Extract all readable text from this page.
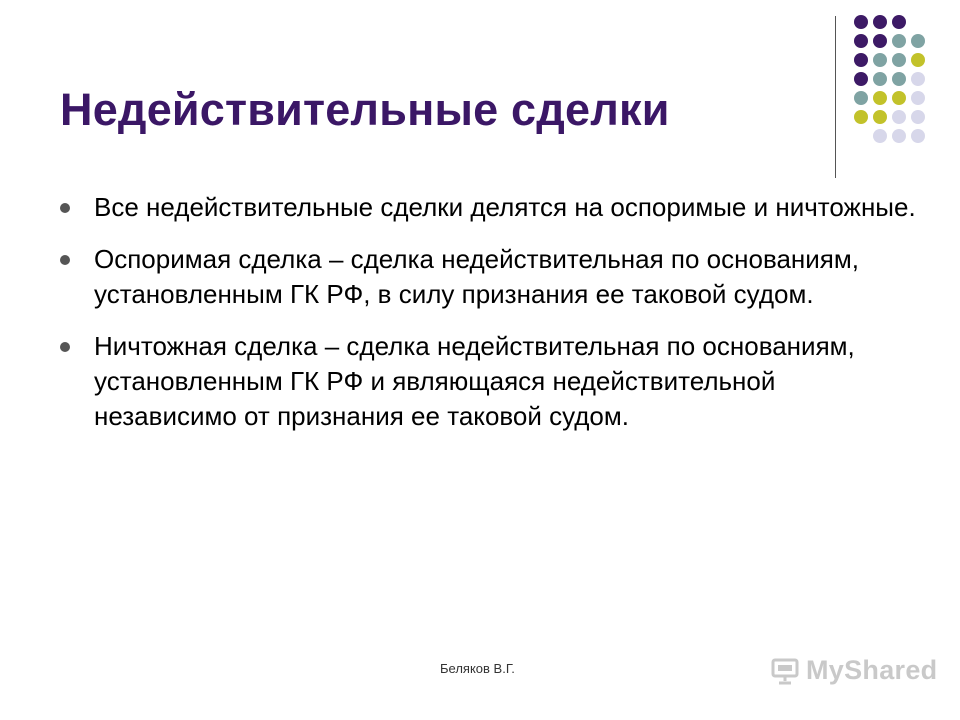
Недействительные сделки
Все недействительные сделки делятся на оспоримые и ничтожные.
Оспоримая сделка – сделка недействительная по основаниям, установленным ГК РФ, в силу признания ее таковой судом.
Ничтожная сделка – сделка недействительная по основаниям, установленным ГК РФ и являющаяся недействительной независимо от признания ее таковой судом.
Беляков В.Г.	MyShared
